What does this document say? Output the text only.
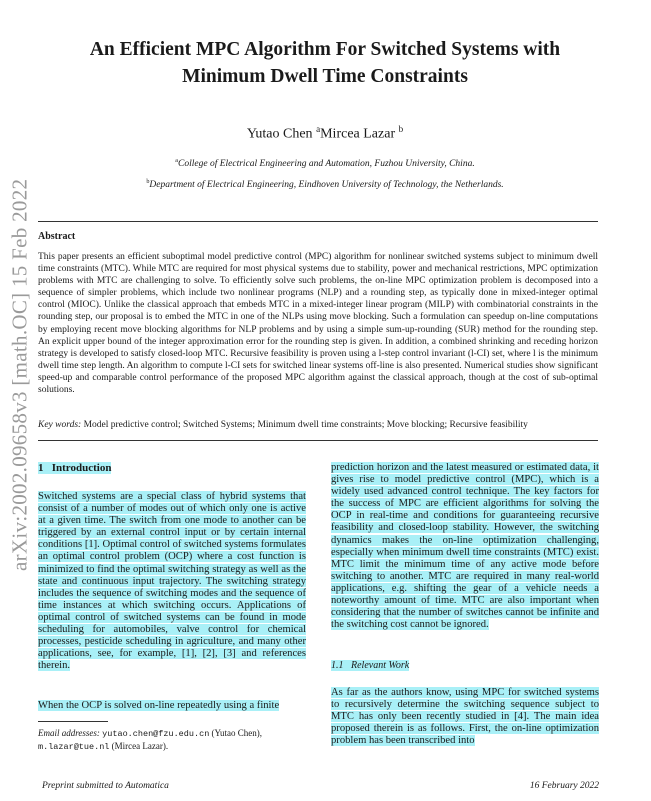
arXiv:2002.09658v3 [math.OC] 15 Feb 2022
An Efficient MPC Algorithm For Switched Systems with
Minimum Dwell Time Constraints
Yutao Chen $^a$Mircea Lazar $^b$
$^a$College of Electrical Engineering and Automation, Fuzhou University, China.
$^b$Department of Electrical Engineering, Eindhoven University of Technology, the Netherlands.
Abstract
This paper presents an efficient suboptimal model predictive control (MPC) algorithm for nonlinear switched systems subject to minimum dwell time constraints (MTC). While MTC are required for most physical systems due to stability, power and mechanical restrictions, MPC optimization problems with MTC are challenging to solve. To efficiently solve such problems, the on-line MPC optimization problem is decomposed into a sequence of simpler problems, which include two nonlinear programs (NLP) and a rounding step, as typically done in mixed-integer optimal control (MIOC). Unlike the classical approach that embeds MTC in a mixed-integer linear program (MILP) with combinatorial constraints in the rounding step, our proposal is to embed the MTC in one of the NLPs using move blocking. Such a formulation can speedup on-line computations by employing recent move blocking algorithms for NLP problems and by using a simple sum-up-rounding (SUR) method for the rounding step. An explicit upper bound of the integer approximation error for the rounding step is given. In addition, a combined shrinking and receding horizon strategy is developed to satisfy closed-loop MTC. Recursive feasibility is proven using a l-step control invariant (l-CI) set, where l is the minimum dwell time step length. An algorithm to compute l-CI sets for switched linear systems off-line is also presented. Numerical studies show significant speed-up and comparable control performance of the proposed MPC algorithm against the classical approach, though at the cost of sub-optimal solutions.
Key words: Model predictive control; Switched Systems; Minimum dwell time constraints; Move blocking; Recursive feasibility
1 Introduction
Switched systems are a special class of hybrid systems that consist of a number of modes out of which only one is active at a given time. The switch from one mode to another can be triggered by an external control input or by certain internal conditions [1]. Optimal control of switched systems formulates an optimal control problem (OCP) where a cost function is minimized to find the optimal switching strategy as well as the state and continuous input trajectory. The switching strategy includes the sequence of switching modes and the sequence of time instances at which switching occurs. Applications of optimal control of switched systems can be found in mode scheduling for automobiles, valve control for chemical processes, pesticide scheduling in agriculture, and many other applications, see, for example, [1], [2], [3] and references therein.
When the OCP is solved on-line repeatedly using a finite
Email addresses: yutao.chen@fzu.edu.cn (Yutao Chen), m.lazar@tue.nl (Mircea Lazar).
prediction horizon and the latest measured or estimated data, it gives rise to model predictive control (MPC), which is a widely used advanced control technique. The key factors for the success of MPC are efficient algorithms for solving the OCP in real-time and conditions for guaranteeing recursive feasibility and closed-loop stability. However, the switching dynamics makes the on-line optimization challenging, especially when minimum dwell time constraints (MTC) exist. MTC limit the minimum time of any active mode before switching to another. MTC are required in many real-world applications, e.g. shifting the gear of a vehicle needs a noteworthy amount of time. MTC are also important when considering that the number of switches cannot be infinite and the switching cost cannot be ignored.
1.1 Relevant Work
As far as the authors know, using MPC for switched systems to recursively determine the switching sequence subject to MTC has only been recently studied in [4]. The main idea proposed therein is as follows. First, the on-line optimization problem has been transcribed into
Preprint submitted to Automatica	16 February 2022
